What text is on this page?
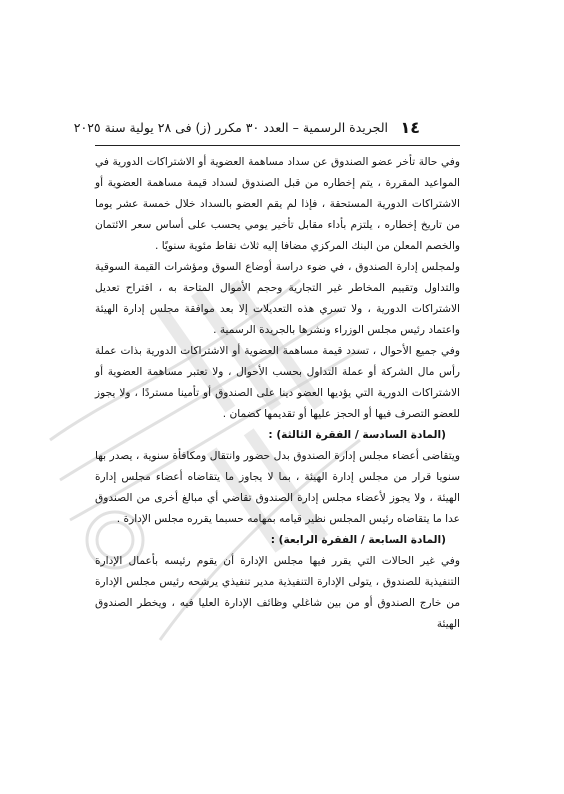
١٤
الجريدة الرسمية – العدد ٣٠ مكرر (ز) فى ٢٨ يولية سنة ٢٠٢٥

وفي حالة تأخر عضو الصندوق عن سداد مساهمة العضوية أو الاشتراكات الدورية في المواعيد المقررة ، يتم إخطاره من قبل الصندوق لسداد قيمة مساهمة العضوية أو الاشتراكات الدورية المستحقة ، فإذا لم يقم العضو بالسداد خلال خمسة عشر يوما من تاريخ إخطاره ، يلتزم بأداء مقابل تأخير يومي يحسب على أساس سعر الائتمان والخصم المعلن من البنك المركزي مضافا إليه ثلاث نقاط مئوية سنويًا .

ولمجلس إدارة الصندوق ، في ضوء دراسة أوضاع السوق ومؤشرات القيمة السوقية والتداول وتقييم المخاطر غير التجارية وحجم الأموال المتاحة به ، اقتراح تعديل الاشتراكات الدورية ، ولا تسري هذه التعديلات إلا بعد موافقة مجلس إدارة الهيئة واعتماد رئيس مجلس الوزراء ونشرها بالجريدة الرسمية .

وفي جميع الأحوال ، تسدد قيمة مساهمة العضوية أو الاشتراكات الدورية بذات عملة رأس مال الشركة أو عملة التداول بحسب الأحوال ، ولا تعتبر مساهمة العضوية أو الاشتراكات الدورية التي يؤديها العضو دينا على الصندوق أو تأمينا مستردًا ، ولا يجوز للعضو التصرف فيها أو الحجز عليها أو تقديمها كضمان .

(المادة السادسة / الفقرة الثالثة) :

ويتقاضى أعضاء مجلس إدارة الصندوق بدل حضور وانتقال ومكافأة سنوية ، يصدر بها سنويا قرار من مجلس إدارة الهيئة ، بما لا يجاوز ما يتقاضاه أعضاء مجلس إدارة الهيئة ، ولا يجوز لأعضاء مجلس إدارة الصندوق تقاضي أي مبالغ أخرى من الصندوق عدا ما يتقاضاه رئيس المجلس نظير قيامه بمهامه حسبما يقرره مجلس الإدارة .

(المادة السابعة / الفقرة الرابعة) :

وفي غير الحالات التي يقرر فيها مجلس الإدارة أن يقوم رئيسه بأعمال الإدارة التنفيذية للصندوق ، يتولى الإدارة التنفيذية مدير تنفيذي يرشحه رئيس مجلس الإدارة من خارج الصندوق أو من بين شاغلي وظائف الإدارة العليا فيه ، ويخطر الصندوق الهيئة
